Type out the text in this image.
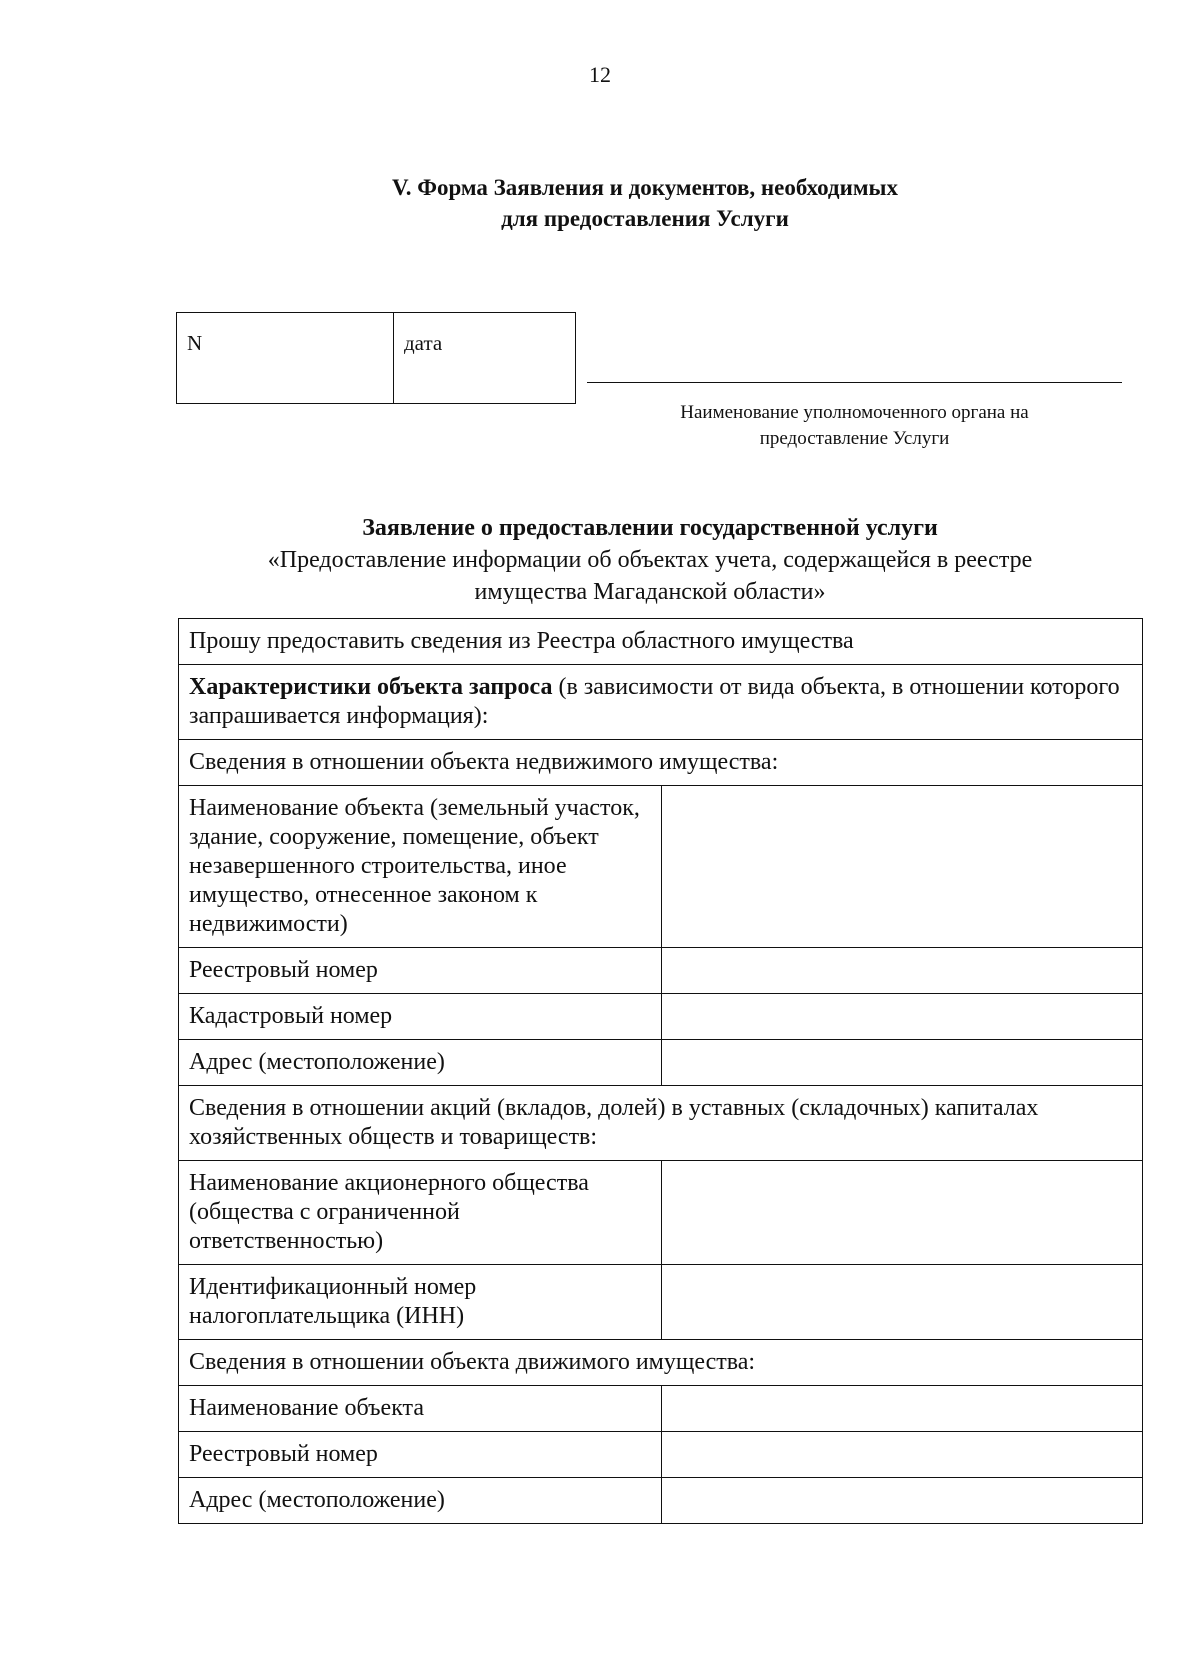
12
V. Форма Заявления и документов, необходимых
для предоставления Услуги
N	дата
Наименование уполномоченного органа на
предоставление Услуги
Заявление о предоставлении государственной услуги
«Предоставление информации об объектах учета, содержащейся в реестре
имущества Магаданской области»
Прошу предоставить сведения из Реестра областного имущества	
Характеристики объекта запроса (в зависимости от вида объекта, в отношении которого запрашивается информация):	
Сведения в отношении объекта недвижимого имущества:	
Наименование объекта (земельный участок, здание, сооружение, помещение, объект незавершенного строительства, иное имущество, отнесенное законом к недвижимости)	
Реестровый номер	
Кадастровый номер	
Адрес (местоположение)	
Сведения в отношении акций (вкладов, долей) в уставных (складочных) капиталах хозяйственных обществ и товариществ:	
Наименование акционерного общества (общества с ограниченной ответственностью)	
Идентификационный номер налогоплательщика (ИНН)	
Сведения в отношении объекта движимого имущества:	
Наименование объекта	
Реестровый номер	
Адрес (местоположение)	
